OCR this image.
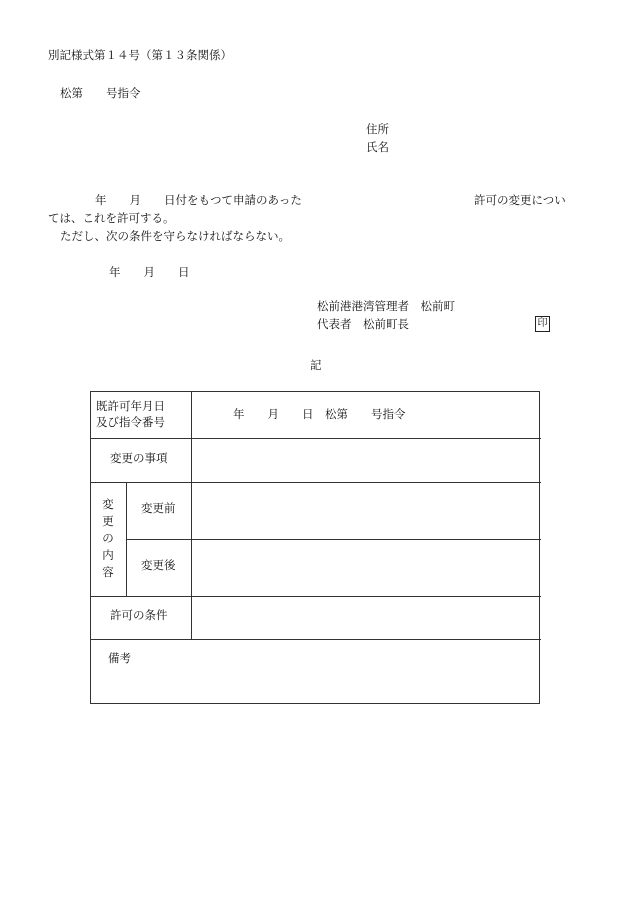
別記様式第１４号（第１３条関係）
松第　　号指令
住所
氏名
年　　月　　日付をもつて申請のあった	許可の変更につい
ては、これを許可する。
ただし、次の条件を守らなければならない。
年　　月　　日
松前港港湾管理者　松前町
代表者　松前町長	印
記
既許可年月日
及び指令番号
年　　月　　日　松第　　号指令
変更の事項
変
更
の
内
容
変更前
変更後
許可の条件
備考
